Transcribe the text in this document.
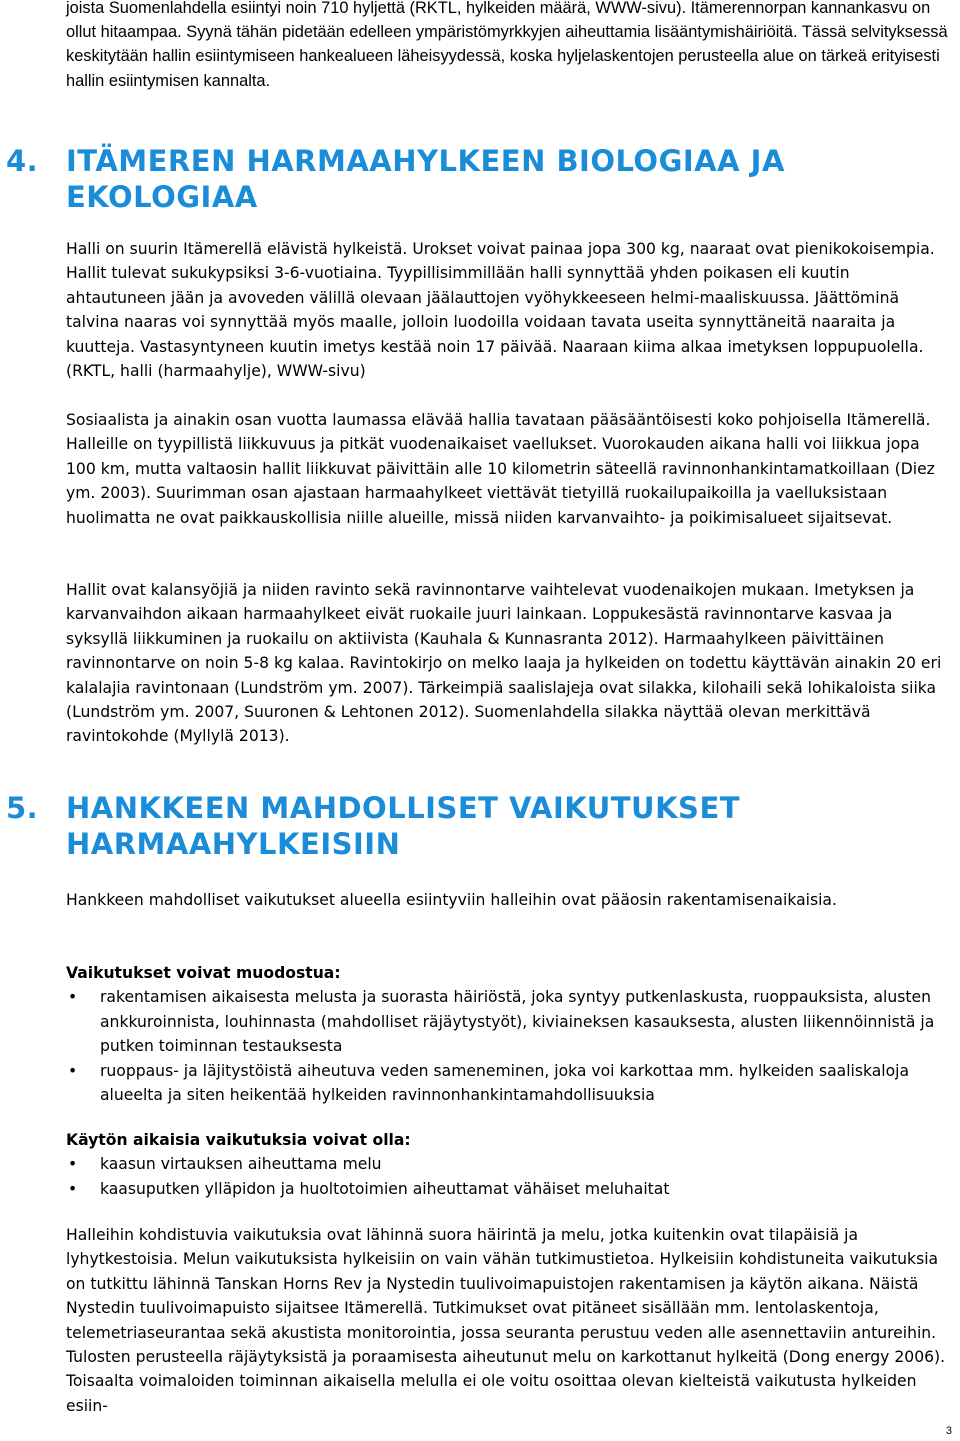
joista Suomenlahdella esiintyi noin 710 hyljettä (RKTL, hylkeiden määrä, WWW-sivu). Itämerennorpan kannankasvu on ollut hitaampaa. Syynä tähän pidetään edelleen ympäristömyrkkyjen aiheuttamia lisääntymishäiriöitä. Tässä selvityksessä keskitytään hallin esiintymiseen hankealueen läheisyydessä, koska hyljelaskentojen perusteella alue on tärkeä erityisesti hallin esiintymisen kannalta.

4. ITÄMEREN HARMAAHYLKEEN BIOLOGIAA JA EKOLOGIAA

Halli on suurin Itämerellä elävistä hylkeistä. Urokset voivat painaa jopa 300 kg, naaraat ovat pienikokoisempia. Hallit tulevat sukukypsiksi 3-6-vuotiaina. Tyypillisimmillään halli synnyttää yhden poikasen eli kuutin ahtautuneen jään ja avoveden välillä olevaan jäälauttojen vyöhykkeeseen helmi-maaliskuussa. Jäättöminä talvina naaras voi synnyttää myös maalle, jolloin luodoilla voidaan tavata useita synnyttäneitä naaraita ja kuutteja. Vastasyntyneen kuutin imetys kestää noin 17 päivää. Naaraan kiima alkaa imetyksen loppupuolella. (RKTL, halli (harmaahylje), WWW-sivu)

Sosiaalista ja ainakin osan vuotta laumassa elävää hallia tavataan pääsääntöisesti koko pohjoisella Itämerellä. Halleille on tyypillistä liikkuvuus ja pitkät vuodenaikaiset vaellukset. Vuorokauden aikana halli voi liikkua jopa 100 km, mutta valtaosin hallit liikkuvat päivittäin alle 10 kilometrin säteellä ravinnonhankintamatkoillaan (Diez ym. 2003). Suurimman osan ajastaan harmaahylkeet viettävät tietyillä ruokailupaikoilla ja vaelluksistaan huolimatta ne ovat paikkauskollisia niille alueille, missä niiden karvanvaihto- ja poikimisalueet sijaitsevat.

Hallit ovat kalansyöjiä ja niiden ravinto sekä ravinnontarve vaihtelevat vuodenaikojen mukaan. Imetyksen ja karvanvaihdon aikaan harmaahylkeet eivät ruokaile juuri lainkaan. Loppukesästä ravinnontarve kasvaa ja syksyllä liikkuminen ja ruokailu on aktiivista (Kauhala & Kunnasranta 2012). Harmaahylkeen päivittäinen ravinnontarve on noin 5-8 kg kalaa. Ravintokirjo on melko laaja ja hylkeiden on todettu käyttävän ainakin 20 eri kalalajia ravintonaan (Lundström ym. 2007). Tärkeimpiä saalislajeja ovat silakka, kilohaili sekä lohikaloista siika (Lundström ym. 2007, Suuronen & Lehtonen 2012). Suomenlahdella silakka näyttää olevan merkittävä ravintokohde (Myllylä 2013).

5. HANKKEEN MAHDOLLISET VAIKUTUKSET HARMAAHYLKEISIIN

Hankkeen mahdolliset vaikutukset alueella esiintyviin halleihin ovat pääosin rakentamisenaikaisia.

Vaikutukset voivat muodostua:

• rakentamisen aikaisesta melusta ja suorasta häiriöstä, joka syntyy putkenlaskusta, ruoppauksista, alusten ankkuroinnista, louhinnasta (mahdolliset räjäytystyöt), kiviaineksen kasauksesta, alusten liikennöinnistä ja putken toiminnan testauksesta
• ruoppaus- ja läjitystöistä aiheutuva veden sameneminen, joka voi karkottaa mm. hylkeiden saaliskaloja alueelta ja siten heikentää hylkeiden ravinnonhankintamahdollisuuksia

Käytön aikaisia vaikutuksia voivat olla:

• kaasun virtauksen aiheuttama melu
• kaasuputken ylläpidon ja huoltotoimien aiheuttamat vähäiset meluhaitat

Halleihin kohdistuvia vaikutuksia ovat lähinnä suora häirintä ja melu, jotka kuitenkin ovat tilapäisiä ja lyhytkestoisia. Melun vaikutuksista hylkeisiin on vain vähän tutkimustietoa. Hylkeisiin kohdistuneita vaikutuksia on tutkittu lähinnä Tanskan Horns Rev ja Nystedin tuulivoimapuistojen rakentamisen ja käytön aikana. Näistä Nystedin tuulivoimapuisto sijaitsee Itämerellä. Tutkimukset ovat pitäneet sisällään mm. lentolaskentoja, telemetriaseurantaa sekä akustista monitorointia, jossa seuranta perustuu veden alle asennettaviin antureihin. Tulosten perusteella räjäytyksistä ja poraamisesta aiheutunut melu on karkottanut hylkeitä (Dong energy 2006). Toisaalta voimaloiden toiminnan aikaisella melulla ei ole voitu osoittaa olevan kielteistä vaikutusta hylkeiden esiin-

3
